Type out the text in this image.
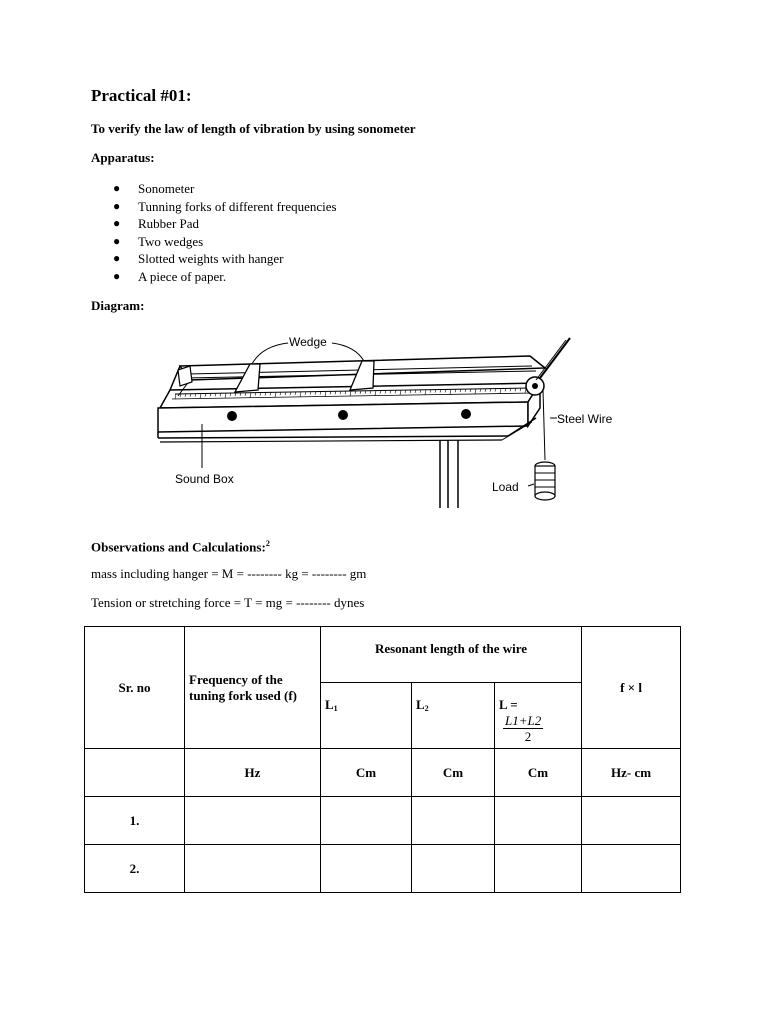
Practical #01:

To verify the law of length of vibration by using sonometer

Apparatus:

● Sonometer
● Tunning forks of different frequencies
● Rubber Pad
● Two wedges
● Slotted weights with hanger
● A piece of paper.

Diagram:

Wedge
Steel Wire
Sound Box
Load

Observations and Calculations:$^2$

mass including hanger = M = -------- kg = -------- gm

Tension or stretching force = T = mg = -------- dynes

Sr. no	Frequency of the tuning fork used (f)	Resonant length of the wire			f × l
		$L_1$	$L_2$	L =
L1+L2
2	

	Hz	Cm	Cm	Cm	Hz- cm
1.					
2.					
